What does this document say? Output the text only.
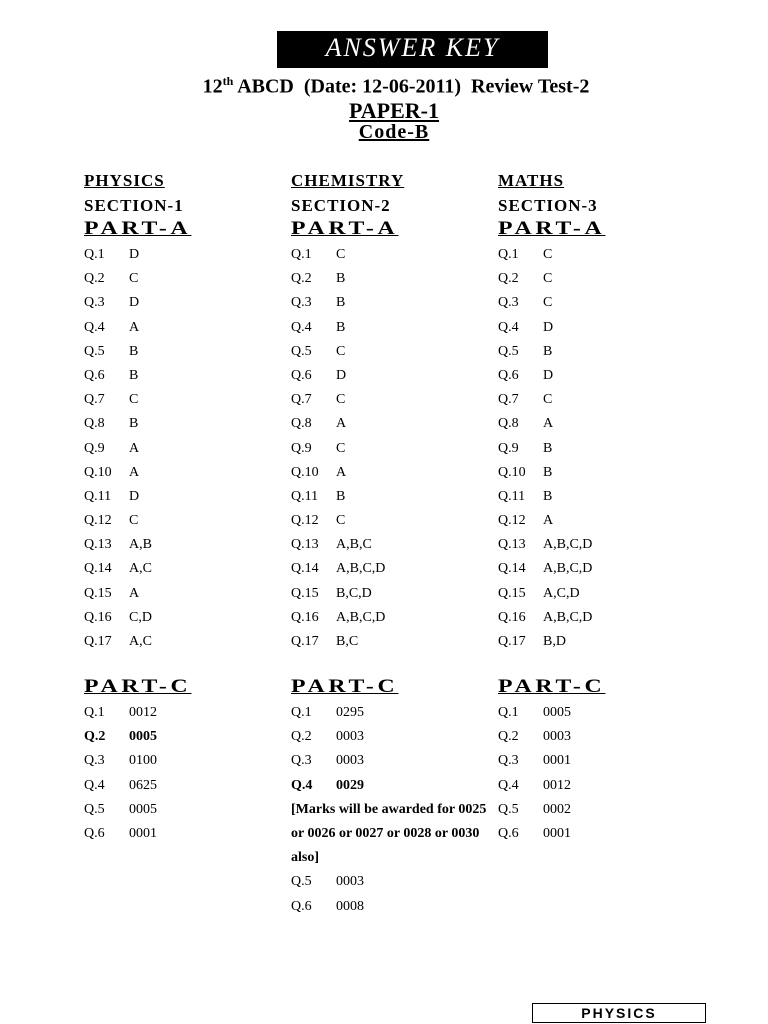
ANSWER KEY
12th ABCD  (Date: 12-06-2011)  Review Test-2
PAPER-1
Code-B
PHYSICS
SECTION-1
PART-A
Q.1 D
Q.2 C
Q.3 D
Q.4 A
Q.5 B
Q.6 B
Q.7 C
Q.8 B
Q.9 A
Q.10 A
Q.11 D
Q.12 C
Q.13 A,B
Q.14 A,C
Q.15 A
Q.16 C,D
Q.17 A,C
CHEMISTRY
SECTION-2
PART-A
Q.1 C
Q.2 B
Q.3 B
Q.4 B
Q.5 C
Q.6 D
Q.7 C
Q.8 A
Q.9 C
Q.10 A
Q.11 B
Q.12 C
Q.13 A,B,C
Q.14 A,B,C,D
Q.15 B,C,D
Q.16 A,B,C,D
Q.17 B,C
MATHS
SECTION-3
PART-A
Q.1 C
Q.2 C
Q.3 C
Q.4 D
Q.5 B
Q.6 D
Q.7 C
Q.8 A
Q.9 B
Q.10 B
Q.11 B
Q.12 A
Q.13 A,B,C,D
Q.14 A,B,C,D
Q.15 A,C,D
Q.16 A,B,C,D
Q.17 B,D
PART-C
Q.1 0012
Q.2 0005
Q.3 0100
Q.4 0625
Q.5 0005
Q.6 0001
PART-C
Q.1 0295
Q.2 0003
Q.3 0003
Q.4 0029
[Marks will be awarded for 0025 or 0026 or 0027 or 0028 or 0030 also]
Q.5 0003
Q.6 0008
PART-C
Q.1 0005
Q.2 0003
Q.3 0001
Q.4 0012
Q.5 0002
Q.6 0001
PHYSICS
